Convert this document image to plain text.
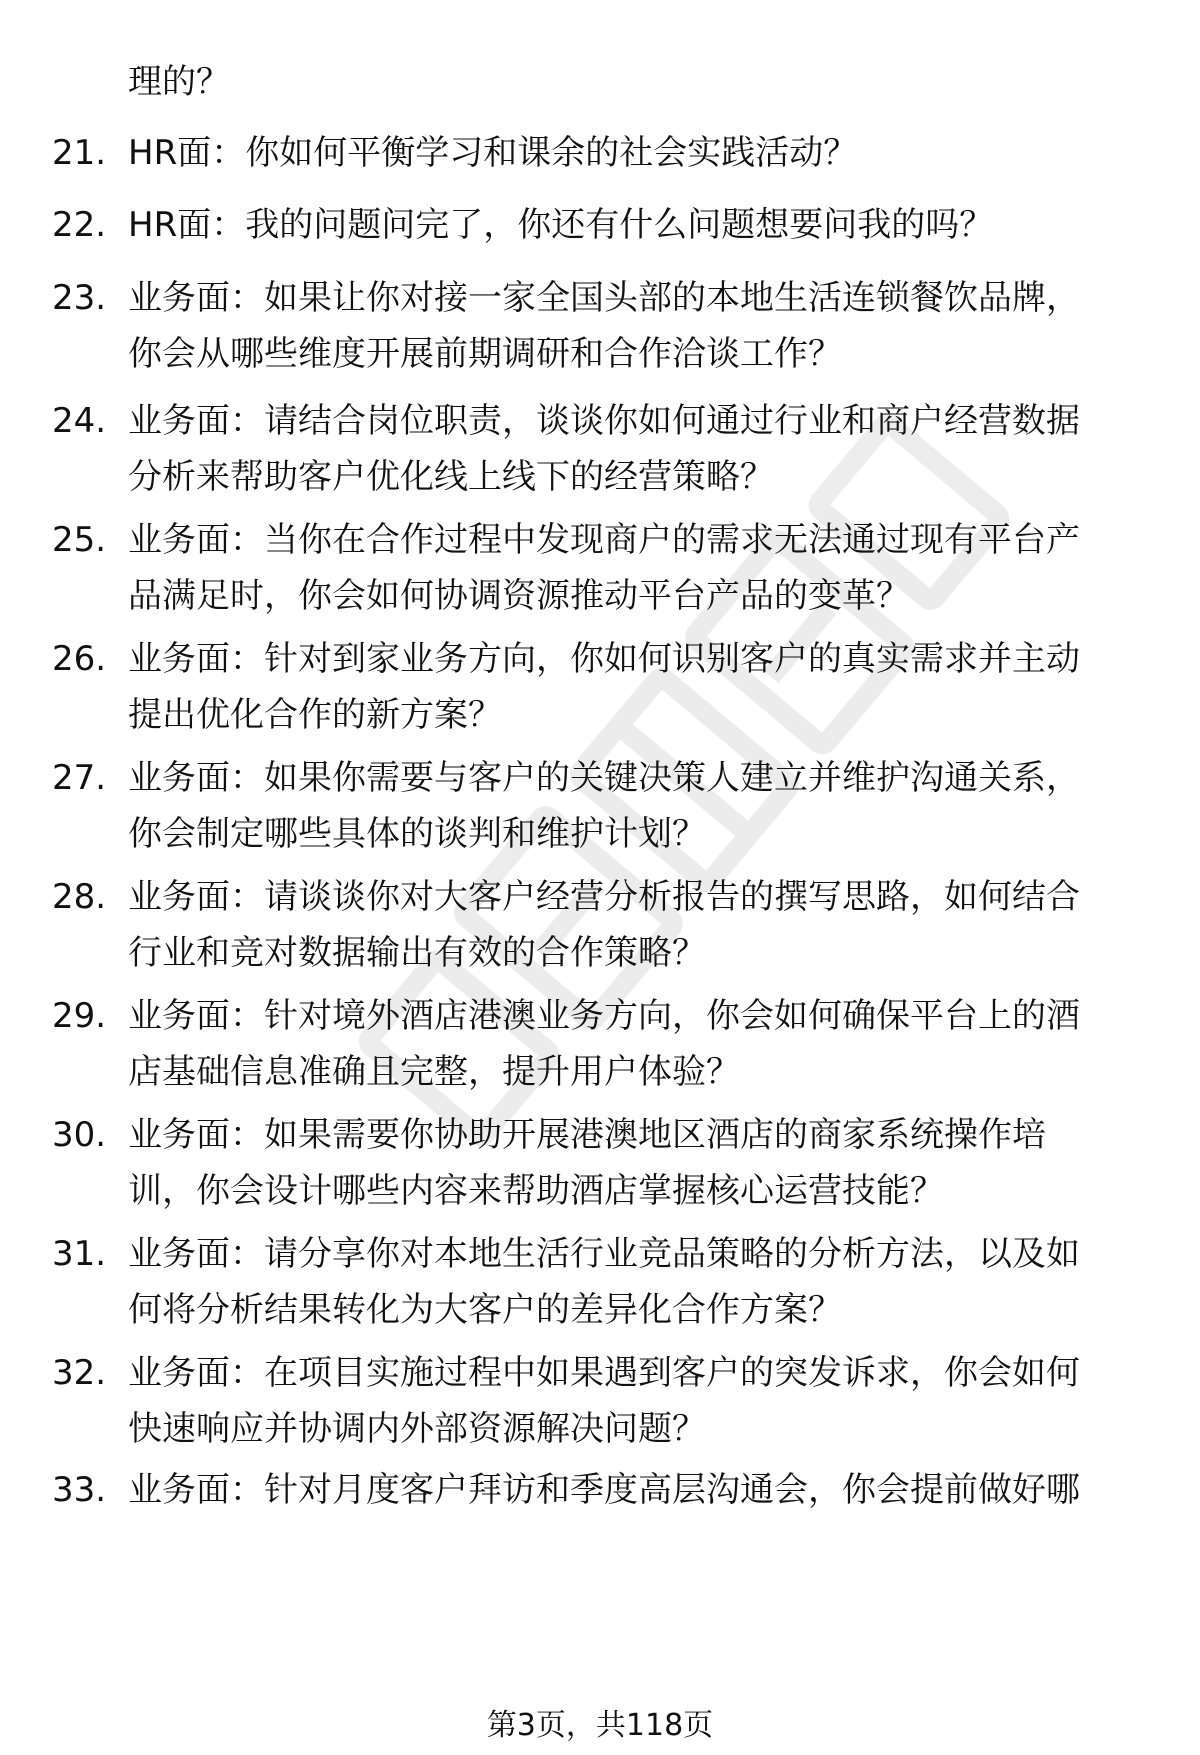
理的？
21. HR面：你如何平衡学习和课余的社会实践活动？
22. HR面：我的问题问完了，你还有什么问题想要问我的吗？
23. 业务面：如果让你对接一家全国头部的本地生活连锁餐饮品牌，
你会从哪些维度开展前期调研和合作洽谈工作？
24. 业务面：请结合岗位职责，谈谈你如何通过行业和商户经营数据
分析来帮助客户优化线上线下的经营策略？
25. 业务面：当你在合作过程中发现商户的需求无法通过现有平台产
品满足时，你会如何协调资源推动平台产品的变革？
26. 业务面：针对到家业务方向，你如何识别客户的真实需求并主动
提出优化合作的新方案？
27. 业务面：如果你需要与客户的关键决策人建立并维护沟通关系，
你会制定哪些具体的谈判和维护计划？
28. 业务面：请谈谈你对大客户经营分析报告的撰写思路，如何结合
行业和竞对数据输出有效的合作策略？
29. 业务面：针对境外酒店港澳业务方向，你会如何确保平台上的酒
店基础信息准确且完整，提升用户体验？
30. 业务面：如果需要你协助开展港澳地区酒店的商家系统操作培
训，你会设计哪些内容来帮助酒店掌握核心运营技能？
31. 业务面：请分享你对本地生活行业竞品策略的分析方法，以及如
何将分析结果转化为大客户的差异化合作方案？
32. 业务面：在项目实施过程中如果遇到客户的突发诉求，你会如何
快速响应并协调内外部资源解决问题？
33. 业务面：针对月度客户拜访和季度高层沟通会，你会提前做好哪
第3页，共118页
